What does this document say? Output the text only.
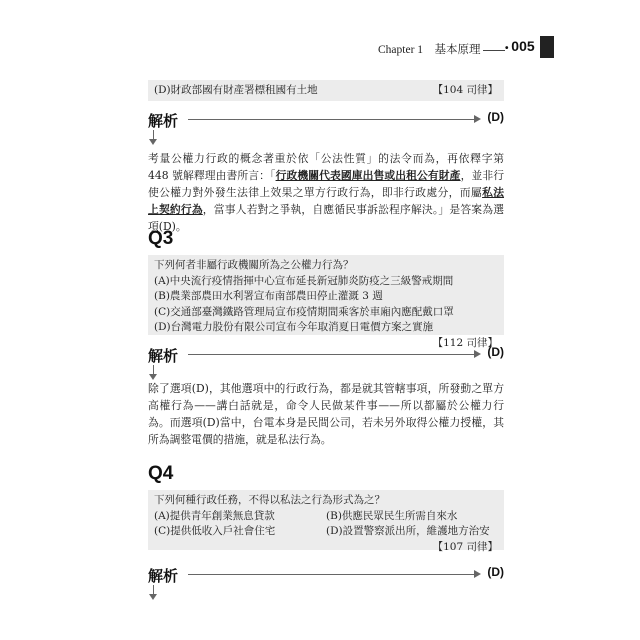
Chapter 1　基本原理
•	005
(D)財政部國有財產署標租國有土地	【104 司律】
解析	(D)
考量公權力行政的概念著重於依「公法性質」的法令而為，再依釋字第 448 號解釋理由書所言：「行政機關代表國庫出售或出租公有財產，並非行使公權力對外發生法律上效果之單方行政行為，即非行政處分，而屬私法上契約行為，當事人若對之爭執，自應循民事訴訟程序解決。」是答案為選項(D)。
Q3
下列何者非屬行政機關所為之公權力行為？
(A)中央流行疫情指揮中心宣布延長新冠肺炎防疫之三級警戒期間
(B)農業部農田水利署宣布南部農田停止灌溉 3 週
(C)交通部臺灣鐵路管理局宣布疫情期間乘客於車廂內應配戴口罩
(D)台灣電力股份有限公司宣布今年取消夏日電價方案之實施
【112 司律】
解析	(D)
除了選項(D)，其他選項中的行政行為，都是就其管轄事項，所發動之單方高權行為——講白話就是，命令人民做某件事——所以都屬於公權力行為。而選項(D)當中，台電本身是民間公司，若未另外取得公權力授權，其所為調整電價的措施，就是私法行為。
Q4
下列何種行政任務，不得以私法之行為形式為之？
(A)提供青年創業無息貸款	(B)供應民眾民生所需自來水
(C)提供低收入戶社會住宅	(D)設置警察派出所，維護地方治安
【107 司律】
解析	(D)
